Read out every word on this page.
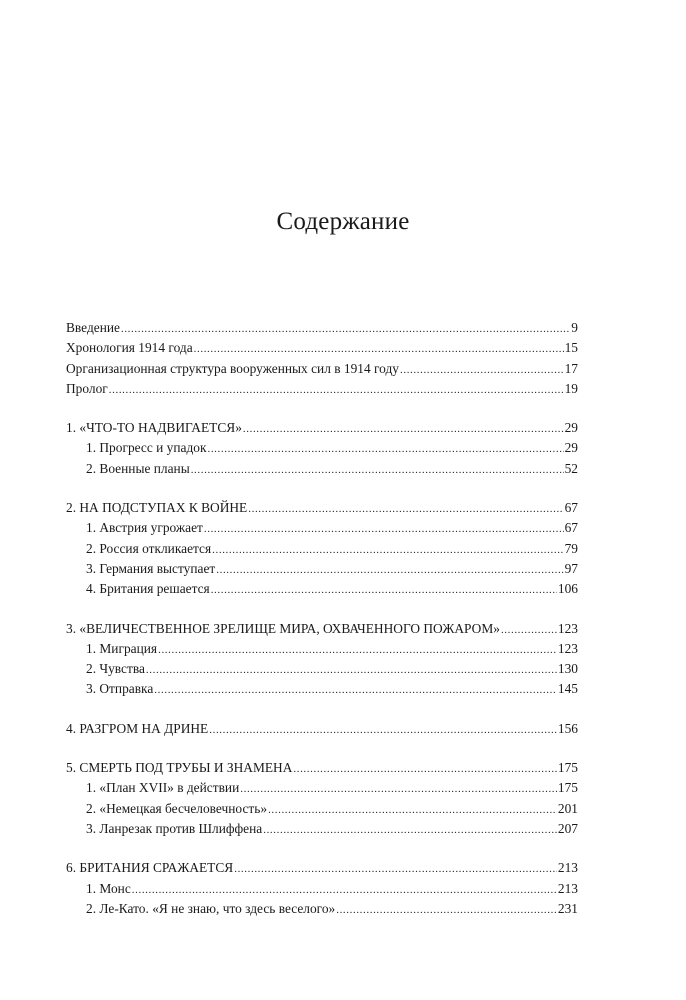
Содержание
Введение .....	9
Хронология 1914 года .....	15
Организационная структура вооруженных сил в 1914 году .....	17
Пролог .....	19
1. «ЧТО-ТО НАДВИГАЕТСЯ» .....	29
1. Прогресс и упадок .....	29
2. Военные планы .....	52
2. НА ПОДСТУПАХ К ВОЙНЕ .....	67
1. Австрия угрожает .....	67
2. Россия откликается .....	79
3. Германия выступает .....	97
4. Британия решается .....	106
3. «ВЕЛИЧЕСТВЕННОЕ ЗРЕЛИЩЕ МИРА, ОХВАЧЕННОГО ПОЖАРОМ» .....	123
1. Миграция .....	123
2. Чувства .....	130
3. Отправка .....	145
4. РАЗГРОМ НА ДРИНЕ .....	156
5. СМЕРТЬ ПОД ТРУБЫ И ЗНАМЕНА .....	175
1. «План XVII» в действии .....	175
2. «Немецкая бесчеловечность» .....	201
3. Ланрезак против Шлиффена .....	207
6. БРИТАНИЯ СРАЖАЕТСЯ .....	213
1. Монс .....	213
2. Ле-Като. «Я не знаю, что здесь веселого» .....	231
